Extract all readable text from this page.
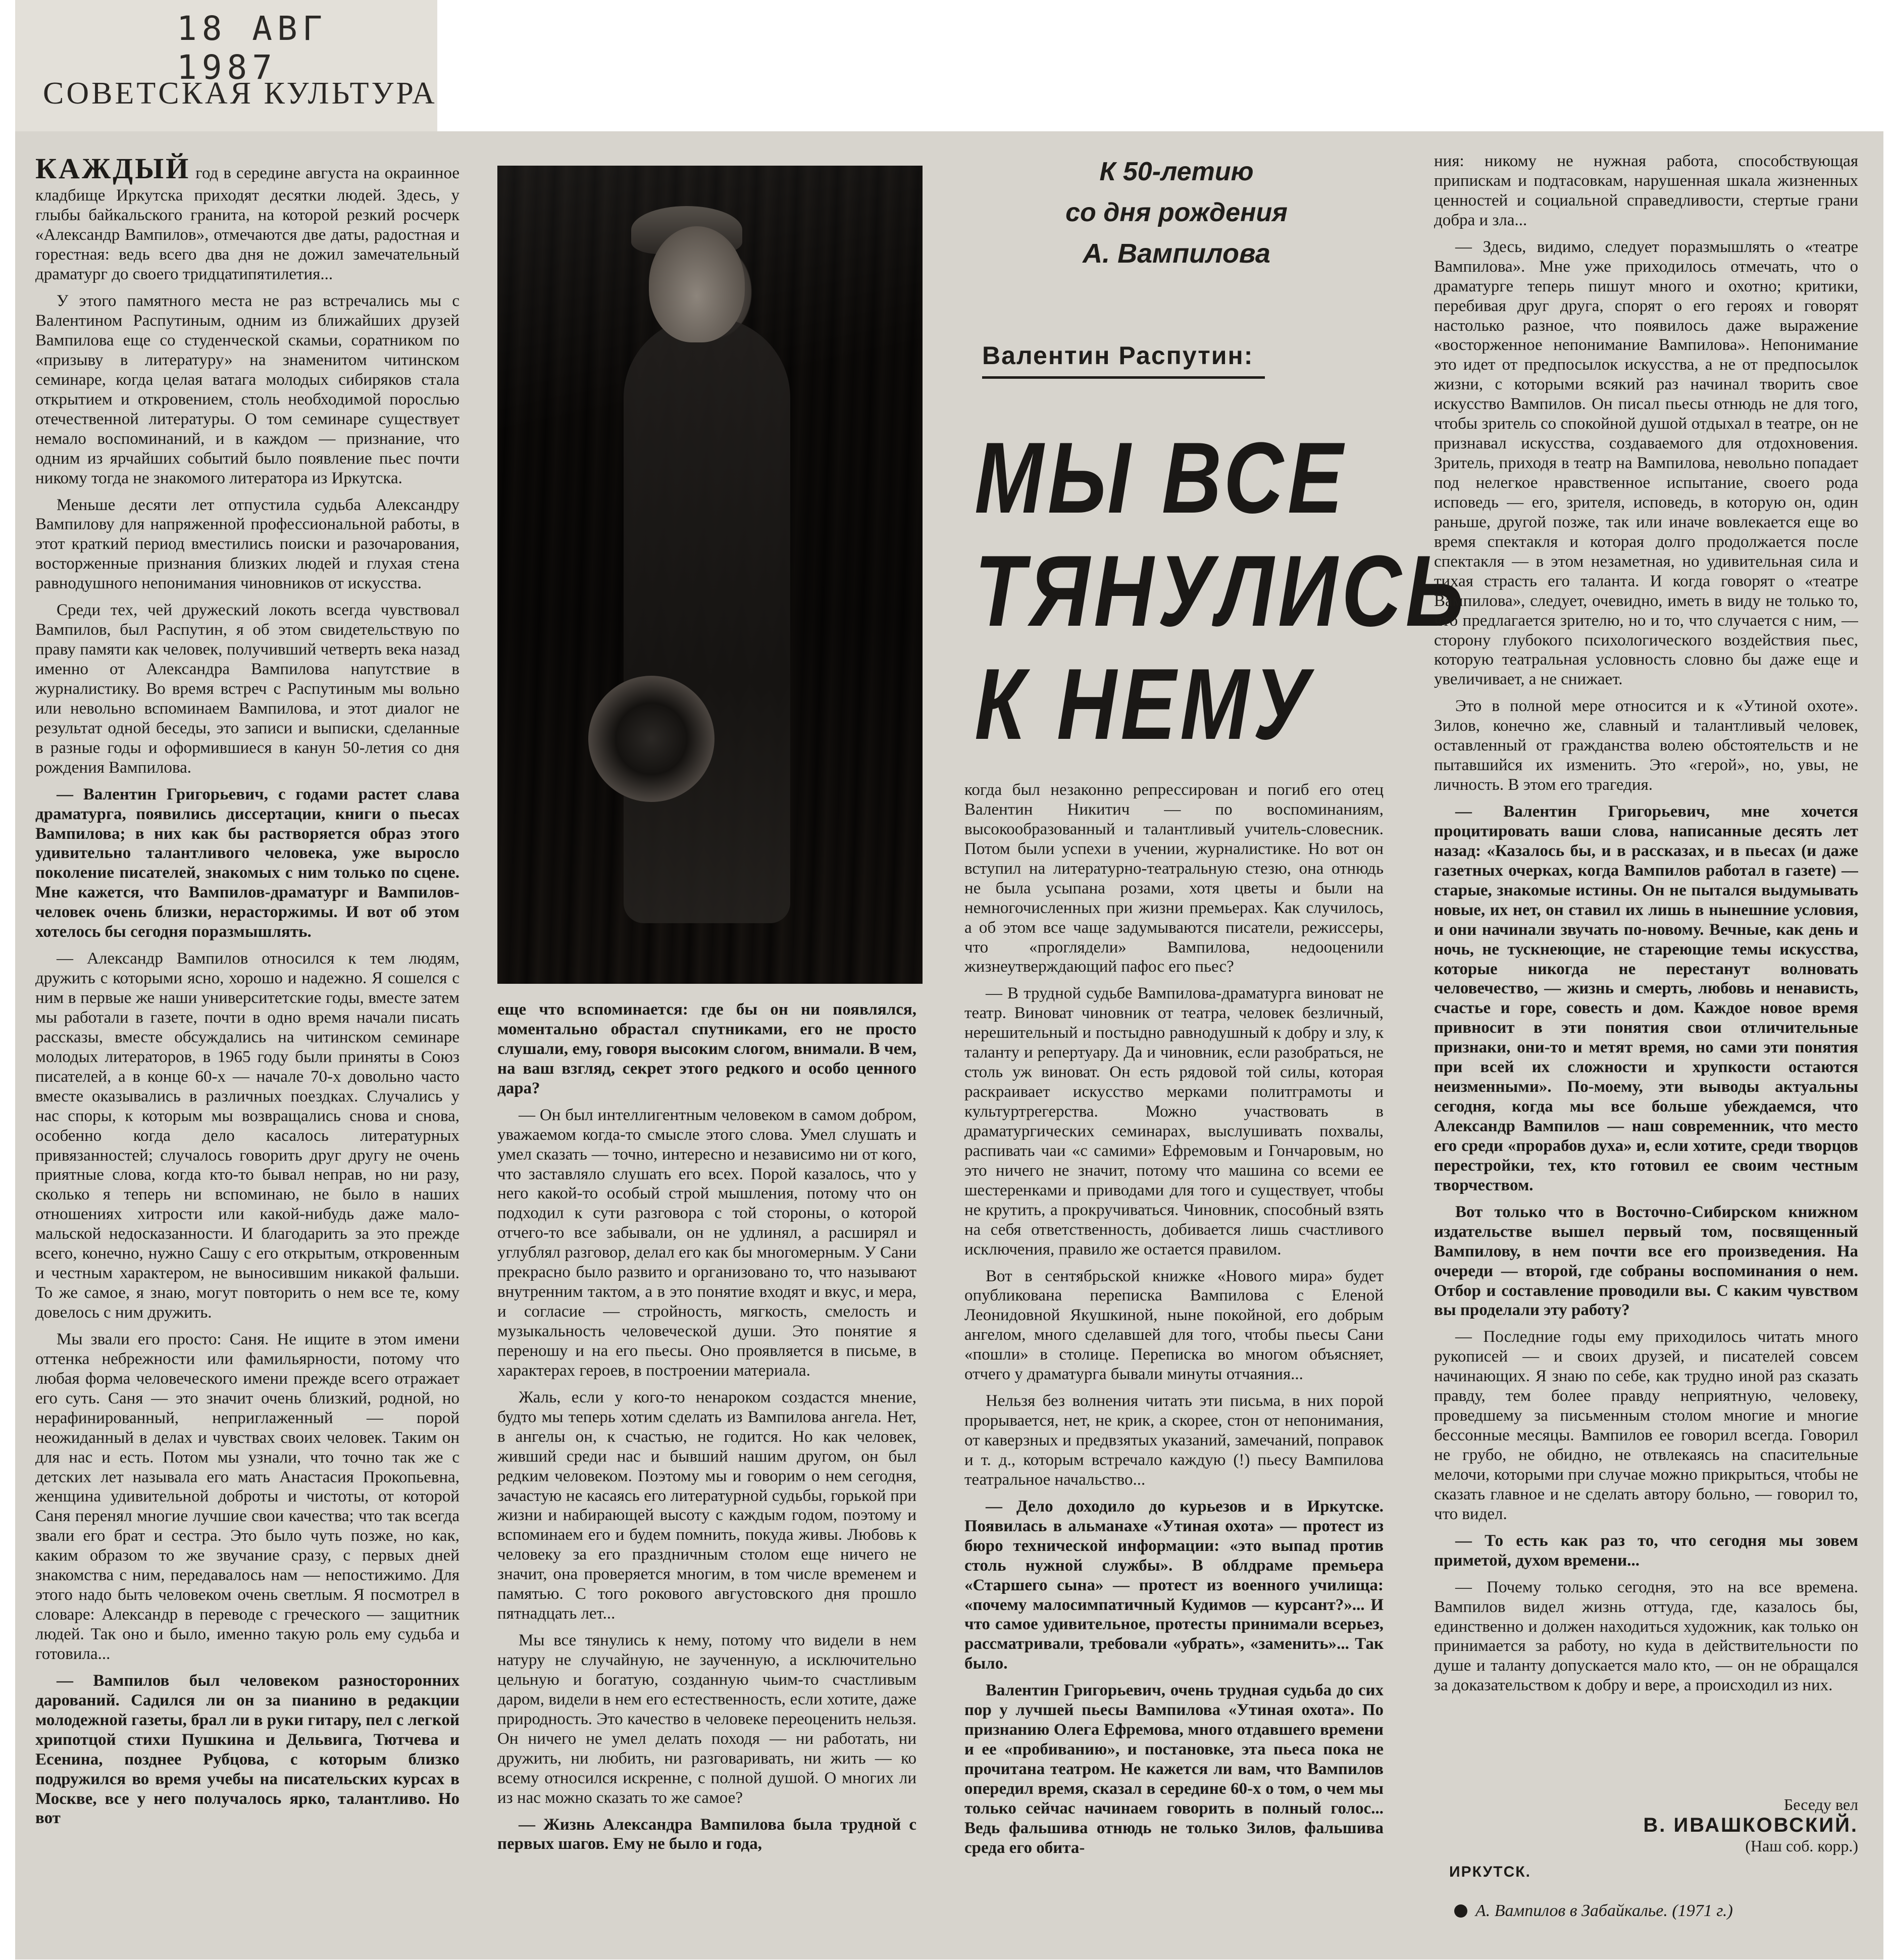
18 АВГ 1987
СОВЕТСКАЯ КУЛЬТУРА

КАЖДЫЙ год в середине августа на окраинное кладбище Иркутска приходят десятки людей. Здесь, у глыбы байкальского гранита, на которой резкий росчерк «Александр Вампилов», отмечаются две даты, радостная и горестная: ведь всего два дня не дожил замечательный драматург до своего тридцатипятилетия...

У этого памятного места не раз встречались мы с Валентином Распутиным, одним из ближайших друзей Вампилова еще со студенческой скамьи, соратником по «призыву в литературу» на знаменитом читинском семинаре, когда целая ватага молодых сибиряков стала открытием и откровением, столь необходимой порослью отечественной литературы. О том семинаре существует немало воспоминаний, и в каждом — признание, что одним из ярчайших событий было появление пьес почти никому тогда не знакомого литератора из Иркутска.

Меньше десяти лет отпустила судьба Александру Вампилову для напряженной профессиональной работы, в этот краткий период вместились поиски и разочарования, восторженные признания близких людей и глухая стена равнодушного непонимания чиновников от искусства.

Среди тех, чей дружеский локоть всегда чувствовал Вампилов, был Распутин, я об этом свидетельствую по праву памяти как человек, получивший четверть века назад именно от Александра Вампилова напутствие в журналистику. Во время встреч с Распутиным мы вольно или невольно вспоминаем Вампилова, и этот диалог не результат одной беседы, это записи и выписки, сделанные в разные годы и оформившиеся в канун 50-летия со дня рождения Вампилова.

— Валентин Григорьевич, с годами растет слава драматурга, появились диссертации, книги о пьесах Вампилова; в них как бы растворяется образ этого удивительно талантливого человека, уже выросло поколение писателей, знакомых с ним только по сцене. Мне кажется, что Вампилов-драматург и Вампилов-человек очень близки, нерасторжимы. И вот об этом хотелось бы сегодня поразмышлять.

— Александр Вампилов относился к тем людям, дружить с которыми ясно, хорошо и надежно. Я сошелся с ним в первые же наши университетские годы, вместе затем мы работали в газете, почти в одно время начали писать рассказы, вместе обсуждались на читинском семинаре молодых литераторов, в 1965 году были приняты в Союз писателей, а в конце 60-х — начале 70-х довольно часто вместе оказывались в различных поездках. Случались у нас споры, к которым мы возвращались снова и снова, особенно когда дело касалось литературных привязанностей; случалось говорить друг другу не очень приятные слова, когда кто-то бывал неправ, но ни разу, сколько я теперь ни вспоминаю, не было в наших отношениях хитрости или какой-нибудь даже мало-мальской недосказанности. И благодарить за это прежде всего, конечно, нужно Сашу с его открытым, откровенным и честным характером, не выносившим никакой фальши. То же самое, я знаю, могут повторить о нем все те, кому довелось с ним дружить.

Мы звали его просто: Саня. Не ищите в этом имени оттенка небрежности или фамильярности, потому что любая форма человеческого имени прежде всего отражает его суть. Саня — это значит очень близкий, родной, но нерафинированный, неприглаженный — порой неожиданный в делах и чувствах своих человек. Таким он для нас и есть. Потом мы узнали, что точно так же с детских лет называла его мать Анастасия Прокопьевна, женщина удивительной доброты и чистоты, от которой Саня перенял многие лучшие свои качества; что так всегда звали его брат и сестра. Это было чуть позже, но как, каким образом то же звучание сразу, с первых дней знакомства с ним, передавалось нам — непостижимо. Для этого надо быть человеком очень светлым. Я посмотрел в словаре: Александр в переводе с греческого — защитник людей. Так оно и было, именно такую роль ему судьба и готовила...

— Вампилов был человеком разносторонних дарований. Садился ли он за пианино в редакции молодежной газеты, брал ли в руки гитару, пел с легкой хрипотцой стихи Пушкина и Дельвига, Тютчева и Есенина, позднее Рубцова, с которым близко подружился во время учебы на писательских курсах в Москве, все у него получалось ярко, талантливо. Но вот

еще что вспоминается: где бы он ни появлялся, моментально обрастал спутниками, его не просто слушали, ему, говоря высоким слогом, внимали. В чем, на ваш взгляд, секрет этого редкого и особо ценного дара?

— Он был интеллигентным человеком в самом добром, уважаемом когда-то смысле этого слова. Умел слушать и умел сказать — точно, интересно и независимо ни от кого, что заставляло слушать его всех. Порой казалось, что у него какой-то особый строй мышления, потому что он подходил к сути разговора с той стороны, о которой отчего-то все забывали, он не удлинял, а расширял и углублял разговор, делал его как бы многомерным. У Сани прекрасно было развито и организовано то, что называют внутренним тактом, а в это понятие входят и вкус, и мера, и согласие — стройность, мягкость, смелость и музыкальность человеческой души. Это понятие я переношу и на его пьесы. Оно проявляется в письме, в характерах героев, в построении материала.

Жаль, если у кого-то ненароком создастся мнение, будто мы теперь хотим сделать из Вампилова ангела. Нет, в ангелы он, к счастью, не годится. Но как человек, живший среди нас и бывший нашим другом, он был редким человеком. Поэтому мы и говорим о нем сегодня, зачастую не касаясь его литературной судьбы, горькой при жизни и набирающей высоту с каждым годом, поэтому и вспоминаем его и будем помнить, покуда живы. Любовь к человеку за его праздничным столом еще ничего не значит, она проверяется многим, в том числе временем и памятью. С того рокового августовского дня прошло пятнадцать лет...

Мы все тянулись к нему, потому что видели в нем натуру не случайную, не заученную, а исключительно цельную и богатую, созданную чьим-то счастливым даром, видели в нем его естественность, если хотите, даже природность. Это качество в человеке переоценить нельзя. Он ничего не умел делать походя — ни работать, ни дружить, ни любить, ни разговаривать, ни жить — ко всему относился искренне, с полной душой. О многих ли из нас можно сказать то же самое?

— Жизнь Александра Вампилова была трудной с первых шагов. Ему не было и года,

К 50-летию
со дня рождения
А. Вампилова
Валентин Распутин:
МЫ ВСЕ
ТЯНУЛИСЬ
К НЕМУ

когда был незаконно репрессирован и погиб его отец Валентин Никитич — по воспоминаниям, высокообразованный и талантливый учитель-словесник. Потом были успехи в учении, журналистике. Но вот он вступил на литературно-театральную стезю, она отнюдь не была усыпана розами, хотя цветы и были на немногочисленных при жизни премьерах. Как случилось, а об этом все чаще задумываются писатели, режиссеры, что «проглядели» Вампилова, недооценили жизнеутверждающий пафос его пьес?

— В трудной судьбе Вампилова-драматурга виноват не театр. Виноват чиновник от театра, человек безличный, нерешительный и постыдно равнодушный к добру и злу, к таланту и репертуару. Да и чиновник, если разобраться, не столь уж виноват. Он есть рядовой той силы, которая раскраивает искусство мерками политграмоты и культуртрегерства. Можно участвовать в драматургических семинарах, выслушивать похвалы, распивать чаи «с самими» Ефремовым и Гончаровым, но это ничего не значит, потому что машина со всеми ее шестеренками и приводами для того и существует, чтобы не крутить, а прокручиваться. Чиновник, способный взять на себя ответственность, добивается лишь счастливого исключения, правило же остается правилом.

Вот в сентябрьской книжке «Нового мира» будет опубликована переписка Вампилова с Еленой Леонидовной Якушкиной, ныне покойной, его добрым ангелом, много сделавшей для того, чтобы пьесы Сани «пошли» в столице. Переписка во многом объясняет, отчего у драматурга бывали минуты отчаяния...

Нельзя без волнения читать эти письма, в них порой прорывается, нет, не крик, а скорее, стон от непонимания, от каверзных и предвзятых указаний, замечаний, поправок и т. д., которым встречало каждую (!) пьесу Вампилова театральное начальство...

— Дело доходило до курьезов и в Иркутске. Появилась в альманахе «Утиная охота» — протест из бюро технической информации: «это выпад против столь нужной службы». В облдраме премьера «Старшего сына» — протест из военного училища: «почему малосимпатичный Кудимов — курсант?»... И что самое удивительное, протесты принимали всерьез, рассматривали, требовали «убрать», «заменить»... Так было.

Валентин Григорьевич, очень трудная судьба до сих пор у лучшей пьесы Вампилова «Утиная охота». По признанию Олега Ефремова, много отдавшего времени и ее «пробиванию», и постановке, эта пьеса пока не прочитана театром. Не кажется ли вам, что Вампилов опередил время, сказал в середине 60-х о том, о чем мы только сейчас начинаем говорить в полный голос... Ведь фальшива отнюдь не только Зилов, фальшива среда его обита-

ния: никому не нужная работа, способствующая припискам и подтасовкам, нарушенная шкала жизненных ценностей и социальной справедливости, стертые грани добра и зла...

— Здесь, видимо, следует поразмышлять о «театре Вампилова». Мне уже приходилось отмечать, что о драматурге теперь пишут много и охотно; критики, перебивая друг друга, спорят о его героях и говорят настолько разное, что появилось даже выражение «восторженное непонимание Вампилова». Непонимание это идет от предпосылок искусства, а не от предпосылок жизни, с которыми всякий раз начинал творить свое искусство Вампилов. Он писал пьесы отнюдь не для того, чтобы зритель со спокойной душой отдыхал в театре, он не признавал искусства, создаваемого для отдохновения. Зритель, приходя в театр на Вампилова, невольно попадает под нелегкое нравственное испытание, своего рода исповедь — его, зрителя, исповедь, в которую он, один раньше, другой позже, так или иначе вовлекается еще во время спектакля и которая долго продолжается после спектакля — в этом незаметная, но удивительная сила и тихая страсть его таланта. И когда говорят о «театре Вампилова», следует, очевидно, иметь в виду не только то, что предлагается зрителю, но и то, что случается с ним, — сторону глубокого психологического воздействия пьес, которую театральная условность словно бы даже еще и увеличивает, а не снижает.

Это в полной мере относится и к «Утиной охоте». Зилов, конечно же, славный и талантливый человек, оставленный от гражданства волею обстоятельств и не пытавшийся их изменить. Это «герой», но, увы, не личность. В этом его трагедия.

— Валентин Григорьевич, мне хочется процитировать ваши слова, написанные десять лет назад: «Казалось бы, и в рассказах, и в пьесах (и даже газетных очерках, когда Вампилов работал в газете) — старые, знакомые истины. Он не пытался выдумывать новые, их нет, он ставил их лишь в нынешние условия, и они начинали звучать по-новому. Вечные, как день и ночь, не тускнеющие, не стареющие темы искусства, которые никогда не перестанут волновать человечество, — жизнь и смерть, любовь и ненависть, счастье и горе, совесть и дом. Каждое новое время привносит в эти понятия свои отличительные признаки, они-то и метят время, но сами эти понятия при всей их сложности и хрупкости остаются неизменными». По-моему, эти выводы актуальны сегодня, когда мы все больше убеждаемся, что Александр Вампилов — наш современник, что место его среди «прорабов духа» и, если хотите, среди творцов перестройки, тех, кто готовил ее своим честным творчеством.

Вот только что в Восточно-Сибирском книжном издательстве вышел первый том, посвященный Вампилову, в нем почти все его произведения. На очереди — второй, где собраны воспоминания о нем. Отбор и составление проводили вы. С каким чувством вы проделали эту работу?

— Последние годы ему приходилось читать много рукописей — и своих друзей, и писателей совсем начинающих. Я знаю по себе, как трудно иной раз сказать правду, тем более правду неприятную, человеку, проведшему за письменным столом многие и многие бессонные месяцы. Вампилов ее говорил всегда. Говорил не грубо, не обидно, не отвлекаясь на спасительные мелочи, которыми при случае можно прикрыться, чтобы не сказать главное и не сделать автору больно, — говорил то, что видел.

— То есть как раз то, что сегодня мы зовем приметой, духом времени...

— Почему только сегодня, это на все времена. Вампилов видел жизнь оттуда, где, казалось бы, единственно и должен находиться художник, как только он принимается за работу, но куда в действительности по душе и таланту допускается мало кто, — он не обращался за доказательством к добру и вере, а происходил из них.

Беседу вел
В. ИВАШКОВСКИЙ.
(Наш соб. корр.)
ИРКУТСК.
А. Вампилов в Забайкалье. (1971 г.)
